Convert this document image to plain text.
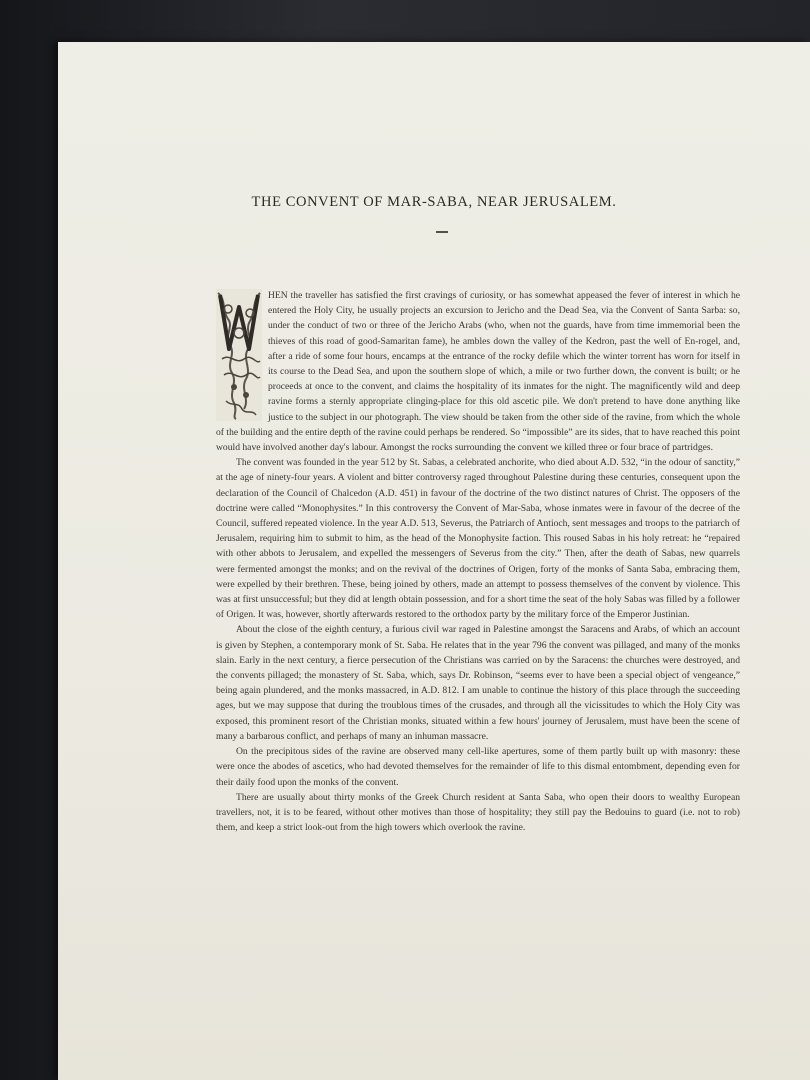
THE CONVENT OF MAR-SABA, NEAR JERUSALEM.

HEN the traveller has satisfied the first cravings of curiosity, or has somewhat appeased the fever of interest in which he entered the Holy City, he usually projects an excursion to Jericho and the Dead Sea, via the Convent of Santa Sarba: so, under the conduct of two or three of the Jericho Arabs (who, when not the guards, have from time immemorial been the thieves of this road of good-Samaritan fame), he ambles down the valley of the Kedron, past the well of En-rogel, and, after a ride of some four hours, encamps at the entrance of the rocky defile which the winter torrent has worn for itself in its course to the Dead Sea, and upon the southern slope of which, a mile or two further down, the convent is built; or he proceeds at once to the convent, and claims the hospitality of its inmates for the night. The magnificently wild and deep ravine forms a sternly appropriate clinging-place for this old ascetic pile. We don't pretend to have done anything like justice to the subject in our photograph. The view should be taken from the other side of the ravine, from which the whole of the building and the entire depth of the ravine could perhaps be rendered. So “impossible” are its sides, that to have reached this point would have involved another day's labour. Amongst the rocks surrounding the convent we killed three or four brace of partridges.

The convent was founded in the year 512 by St. Sabas, a celebrated anchorite, who died about A.D. 532, “in the odour of sanctity,” at the age of ninety-four years. A violent and bitter controversy raged throughout Palestine during these centuries, consequent upon the declaration of the Council of Chalcedon (A.D. 451) in favour of the doctrine of the two distinct natures of Christ. The opposers of the doctrine were called “Monophysites.” In this controversy the Convent of Mar-Saba, whose inmates were in favour of the decree of the Council, suffered repeated violence. In the year A.D. 513, Severus, the Patriarch of Antioch, sent messages and troops to the patriarch of Jerusalem, requiring him to submit to him, as the head of the Monophysite faction. This roused Sabas in his holy retreat: he “repaired with other abbots to Jerusalem, and expelled the messengers of Severus from the city.” Then, after the death of Sabas, new quarrels were fermented amongst the monks; and on the revival of the doctrines of Origen, forty of the monks of Santa Saba, embracing them, were expelled by their brethren. These, being joined by others, made an attempt to possess themselves of the convent by violence. This was at first unsuccessful; but they did at length obtain possession, and for a short time the seat of the holy Sabas was filled by a follower of Origen. It was, however, shortly afterwards restored to the orthodox party by the military force of the Emperor Justinian.

About the close of the eighth century, a furious civil war raged in Palestine amongst the Saracens and Arabs, of which an account is given by Stephen, a contemporary monk of St. Saba. He relates that in the year 796 the convent was pillaged, and many of the monks slain. Early in the next century, a fierce persecution of the Christians was carried on by the Saracens: the churches were destroyed, and the convents pillaged; the monastery of St. Saba, which, says Dr. Robinson, “seems ever to have been a special object of vengeance,” being again plundered, and the monks massacred, in A.D. 812. I am unable to continue the history of this place through the succeeding ages, but we may suppose that during the troublous times of the crusades, and through all the vicissitudes to which the Holy City was exposed, this prominent resort of the Christian monks, situated within a few hours' journey of Jerusalem, must have been the scene of many a barbarous conflict, and perhaps of many an inhuman massacre.

On the precipitous sides of the ravine are observed many cell-like apertures, some of them partly built up with masonry: these were once the abodes of ascetics, who had devoted themselves for the remainder of life to this dismal entombment, depending even for their daily food upon the monks of the convent.

There are usually about thirty monks of the Greek Church resident at Santa Saba, who open their doors to wealthy European travellers, not, it is to be feared, without other motives than those of hospitality; they still pay the Bedouins to guard (i.e. not to rob) them, and keep a strict look-out from the high towers which overlook the ravine.
